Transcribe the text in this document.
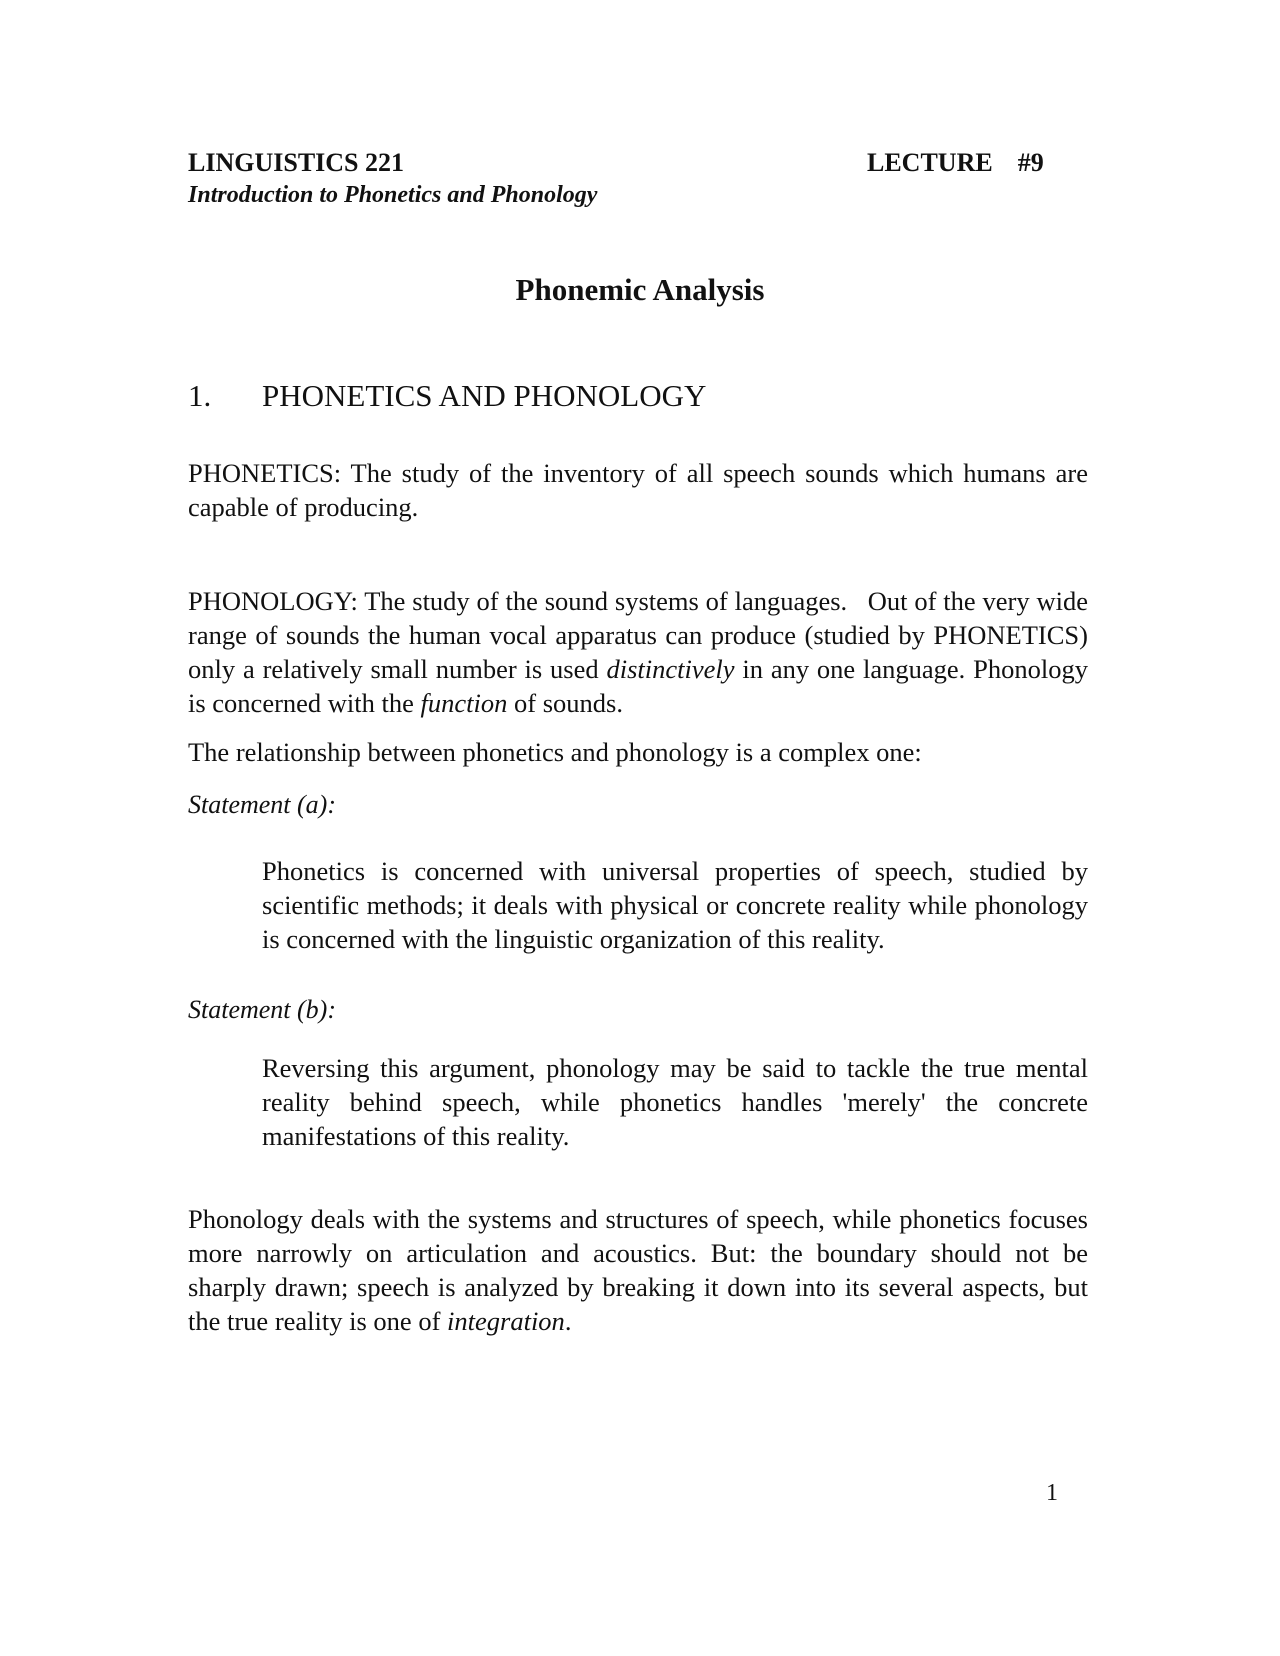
LINGUISTICS 221	LECTURE  #9
Introduction to Phonetics and Phonology
Phonemic Analysis
1. PHONETICS AND PHONOLOGY

PHONETICS: The study of the inventory of all speech sounds which humans are capable of producing.

PHONOLOGY: The study of the sound systems of languages.   Out of the very wide range of sounds the human vocal apparatus can produce (studied by PHONETICS) only a relatively small number is used distinctively in any one language. Phonology is concerned with the function of sounds.

The relationship between phonetics and phonology is a complex one:

Statement (a):

Phonetics is concerned with universal properties of speech, studied by scientific methods; it deals with physical or concrete reality while phonology is concerned with the linguistic organization of this reality.

Statement (b):

Reversing this argument, phonology may be said to tackle the true mental reality behind speech, while phonetics handles 'merely' the concrete manifestations of this reality.

Phonology deals with the systems and structures of speech, while phonetics focuses more narrowly on articulation and acoustics. But: the boundary should not be sharply drawn; speech is analyzed by breaking it down into its several aspects, but the true reality is one of integration.

1
